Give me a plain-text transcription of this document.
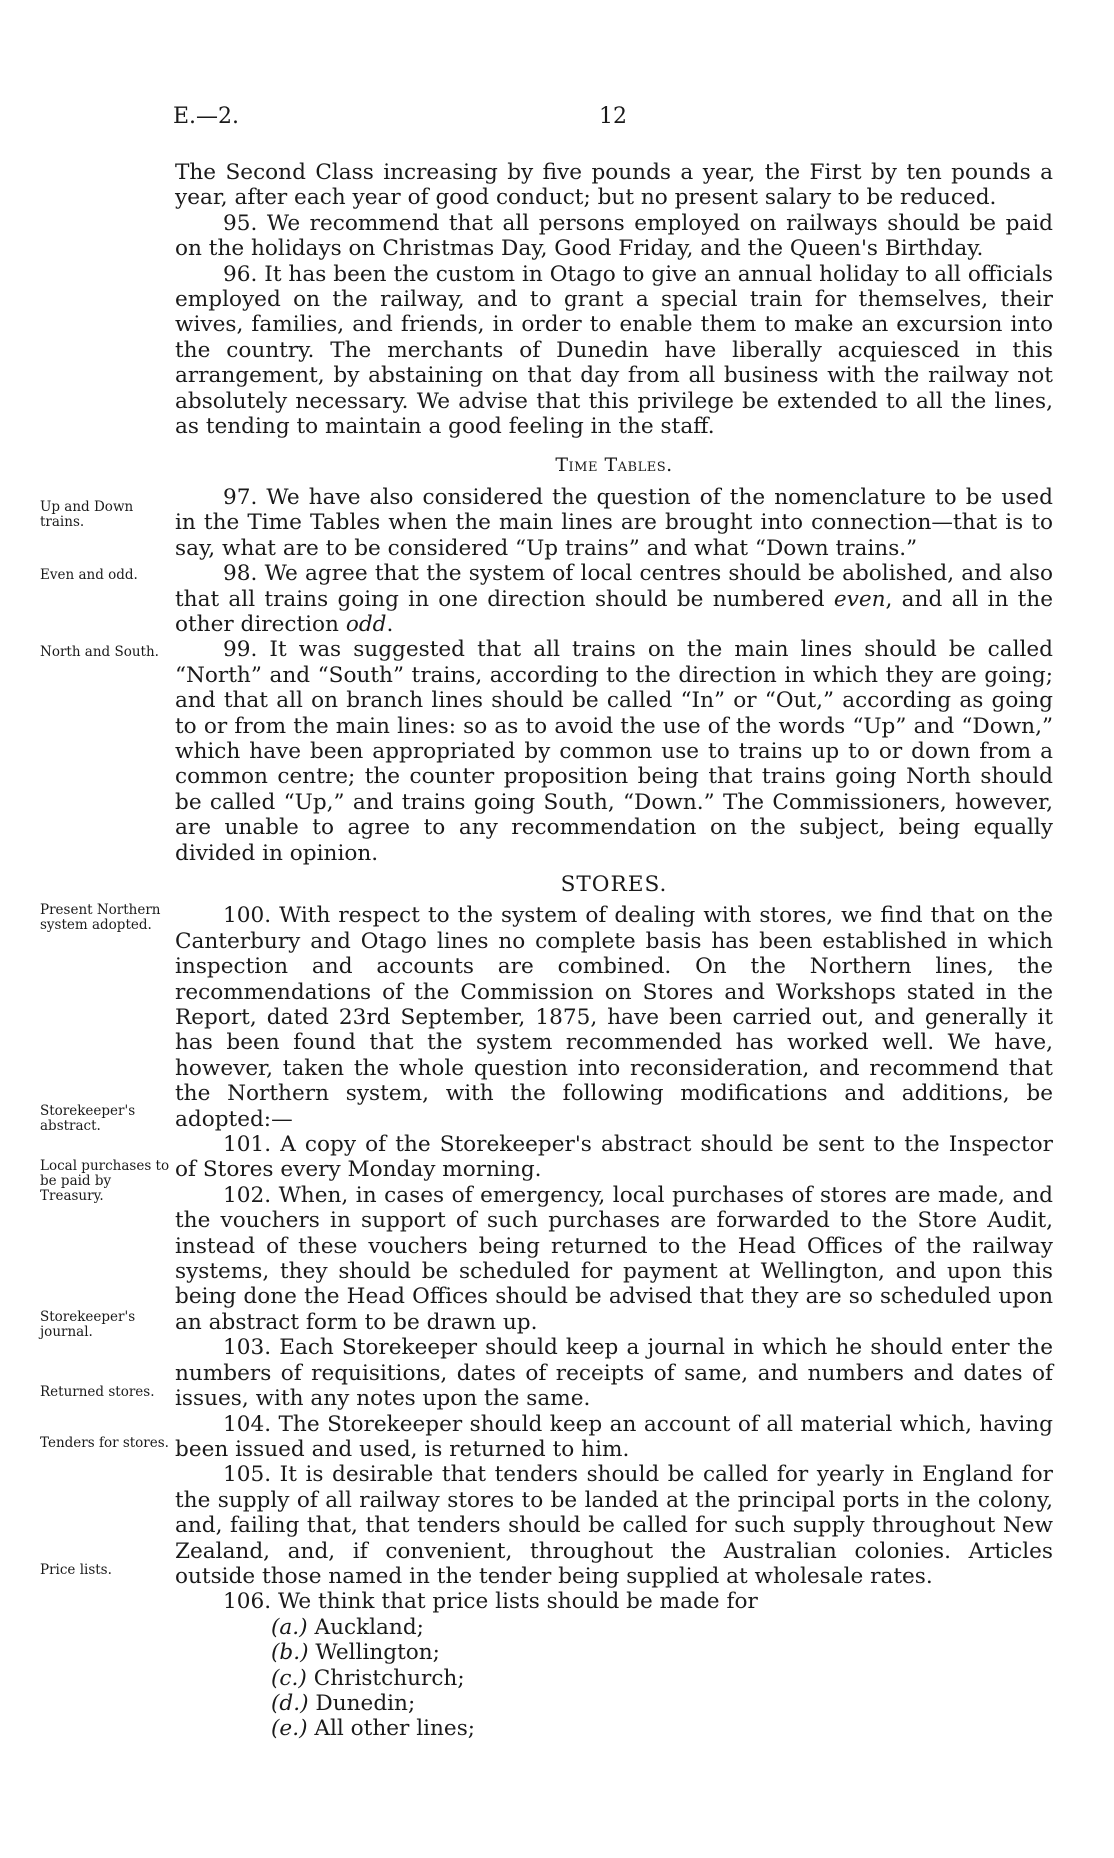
E.—2.	12
Up and Down trains.
Even and odd.
North and South.
Present Northern system adopted.
Storekeeper's abstract.
Local purchases to be paid by Treasury.
Storekeeper's journal.
Returned stores.
Tenders for stores.
Price lists.

The Second Class increasing by five pounds a year, the First by ten pounds a year, after each year of good conduct; but no present salary to be reduced.

95. We recommend that all persons employed on railways should be paid on the holidays on Christmas Day, Good Friday, and the Queen's Birthday.

96. It has been the custom in Otago to give an annual holiday to all officials employed on the railway, and to grant a special train for themselves, their wives, families, and friends, in order to enable them to make an excursion into the country. The merchants of Dunedin have liberally acquiesced in this arrangement, by abstaining on that day from all business with the railway not absolutely necessary. We advise that this privilege be extended to all the lines, as tending to maintain a good feeling in the staff.

Time Tables.

97. We have also considered the question of the nomenclature to be used in the Time Tables when the main lines are brought into connection—that is to say, what are to be considered “Up trains” and what “Down trains.”

98. We agree that the system of local centres should be abolished, and also that all trains going in one direction should be numbered even, and all in the other direction odd.

99. It was suggested that all trains on the main lines should be called “North” and “South” trains, according to the direction in which they are going; and that all on branch lines should be called “In” or “Out,” according as going to or from the main lines: so as to avoid the use of the words “Up” and “Down,” which have been appropriated by common use to trains up to or down from a common centre; the counter proposition being that trains going North should be called “Up,” and trains going South, “Down.” The Commissioners, however, are unable to agree to any recommendation on the subject, being equally divided in opinion.

STORES.

100. With respect to the system of dealing with stores, we find that on the Canterbury and Otago lines no complete basis has been established in which inspection and accounts are combined. On the Northern lines, the recommendations of the Commission on Stores and Workshops stated in the Report, dated 23rd September, 1875, have been carried out, and generally it has been found that the system recommended has worked well. We have, however, taken the whole question into reconsideration, and recommend that the Northern system, with the following modifications and additions, be adopted:—

101. A copy of the Storekeeper's abstract should be sent to the Inspector of Stores every Monday morning.

102. When, in cases of emergency, local purchases of stores are made, and the vouchers in support of such purchases are forwarded to the Store Audit, instead of these vouchers being returned to the Head Offices of the railway systems, they should be scheduled for payment at Wellington, and upon this being done the Head Offices should be advised that they are so scheduled upon an abstract form to be drawn up.

103. Each Storekeeper should keep a journal in which he should enter the numbers of requisitions, dates of receipts of same, and numbers and dates of issues, with any notes upon the same.

104. The Storekeeper should keep an account of all material which, having been issued and used, is returned to him.

105. It is desirable that tenders should be called for yearly in England for the supply of all railway stores to be landed at the principal ports in the colony, and, failing that, that tenders should be called for such supply throughout New Zealand, and, if convenient, throughout the Australian colonies. Articles outside those named in the tender being supplied at wholesale rates.

106. We think that price lists should be made for

(a.) Auckland;
(b.) Wellington;
(c.) Christchurch;
(d.) Dunedin;
(e.) All other lines;
